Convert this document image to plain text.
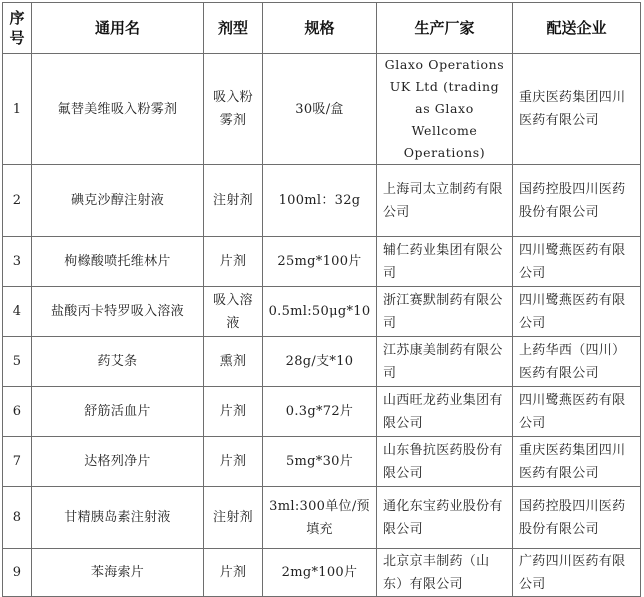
序
号	通用名	剂型	规格	生产厂家	配送企业
1	氟替美维吸入粉雾剂	吸入粉雾剂	30吸/盒	Glaxo Operations UK Ltd (trading as Glaxo Wellcome Operations)	重庆医药集团四川医药有限公司
2	碘克沙醇注射液	注射剂	100ml：32g	上海司太立制药有限公司	国药控股四川医药股份有限公司
3	枸橼酸喷托维林片	片剂	25mg*100片	辅仁药业集团有限公司	四川鹭燕医药有限公司
4	盐酸丙卡特罗吸入溶液	吸入溶液	0.5ml:50μg*10	浙江赛默制药有限公司	四川鹭燕医药有限公司
5	药艾条	熏剂	28g/支*10	江苏康美制药有限公司	上药华西（四川）医药有限公司
6	舒筋活血片	片剂	0.3g*72片	山西旺龙药业集团有限公司	四川鹭燕医药有限公司
7	达格列净片	片剂	5mg*30片	山东鲁抗医药股份有限公司	重庆医药集团四川医药有限公司
8	甘精胰岛素注射液	注射剂	3ml:300单位/预填充	通化东宝药业股份有限公司	国药控股四川医药股份有限公司
9	苯海索片	片剂	2mg*100片	北京京丰制药（山东）有限公司	广药四川医药有限公司
